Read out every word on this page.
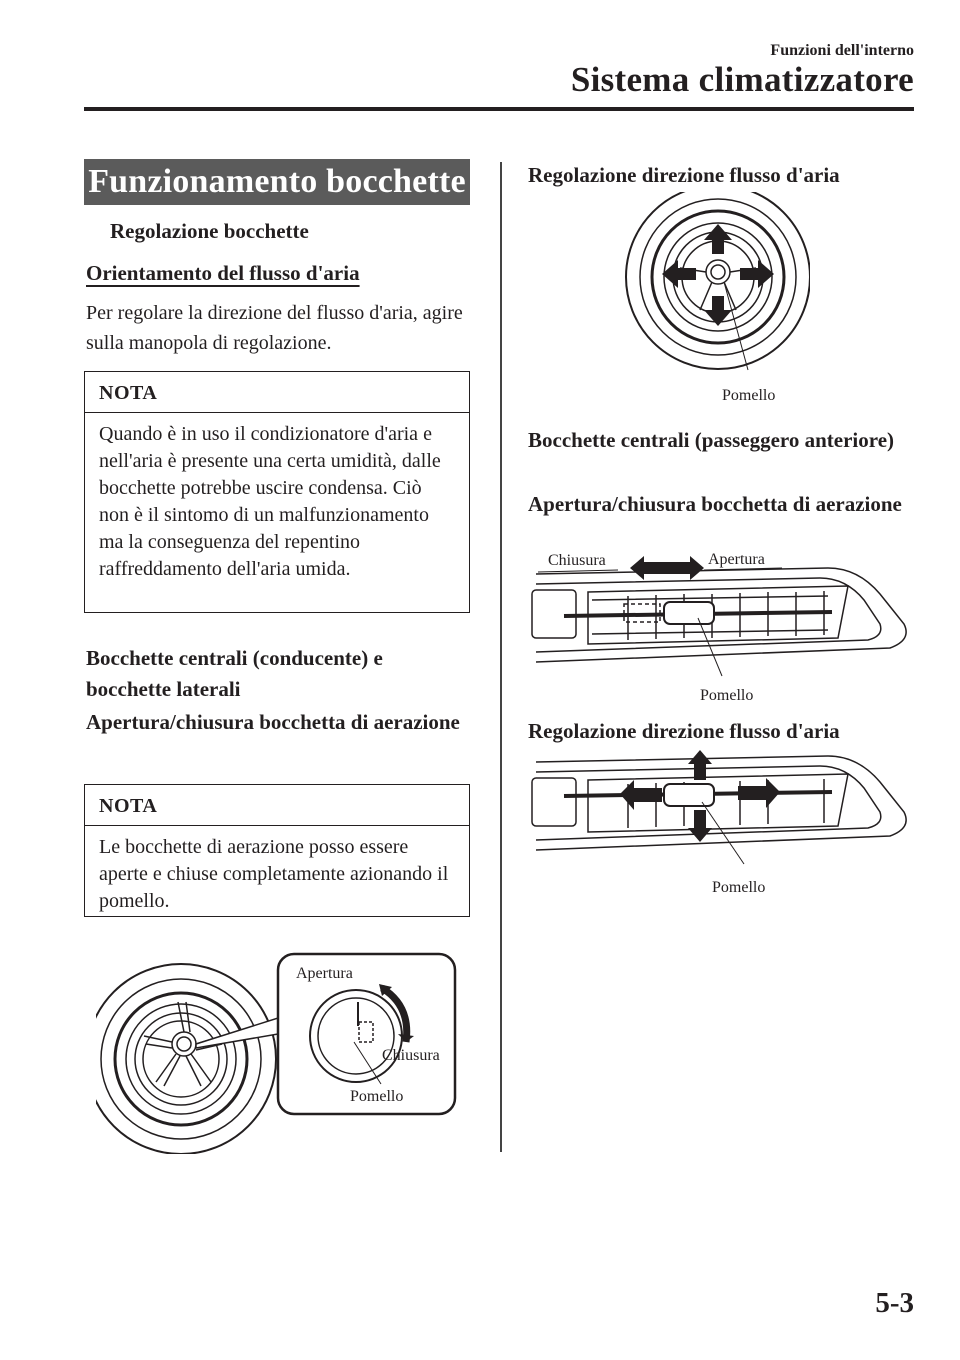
Funzioni dell'interno
Sistema climatizzatore
Funzionamento bocchette
Regolazione bocchette
Orientamento del flusso d'aria
Per regolare la direzione del flusso d'aria, agire sulla manopola di regolazione.
NOTA
Quando è in uso il condizionatore d'aria e nell'aria è presente una certa umidità, dalle bocchette potrebbe uscire condensa. Ciò non è il sintomo di un malfunzionamento ma la conseguenza del repentino raffreddamento dell'aria umida.
Bocchette centrali (conducente) e bocchette laterali
Apertura/chiusura bocchetta di aerazione
NOTA
Le bocchette di aerazione posso essere aperte e chiuse completamente azionando il pomello.
Apertura
Chiusura
Pomello
Regolazione direzione flusso d'aria
Pomello
Bocchette centrali (passeggero anteriore)
Apertura/chiusura bocchetta di aerazione
Chiusura	Apertura
Pomello
Regolazione direzione flusso d'aria
Pomello
5-3
